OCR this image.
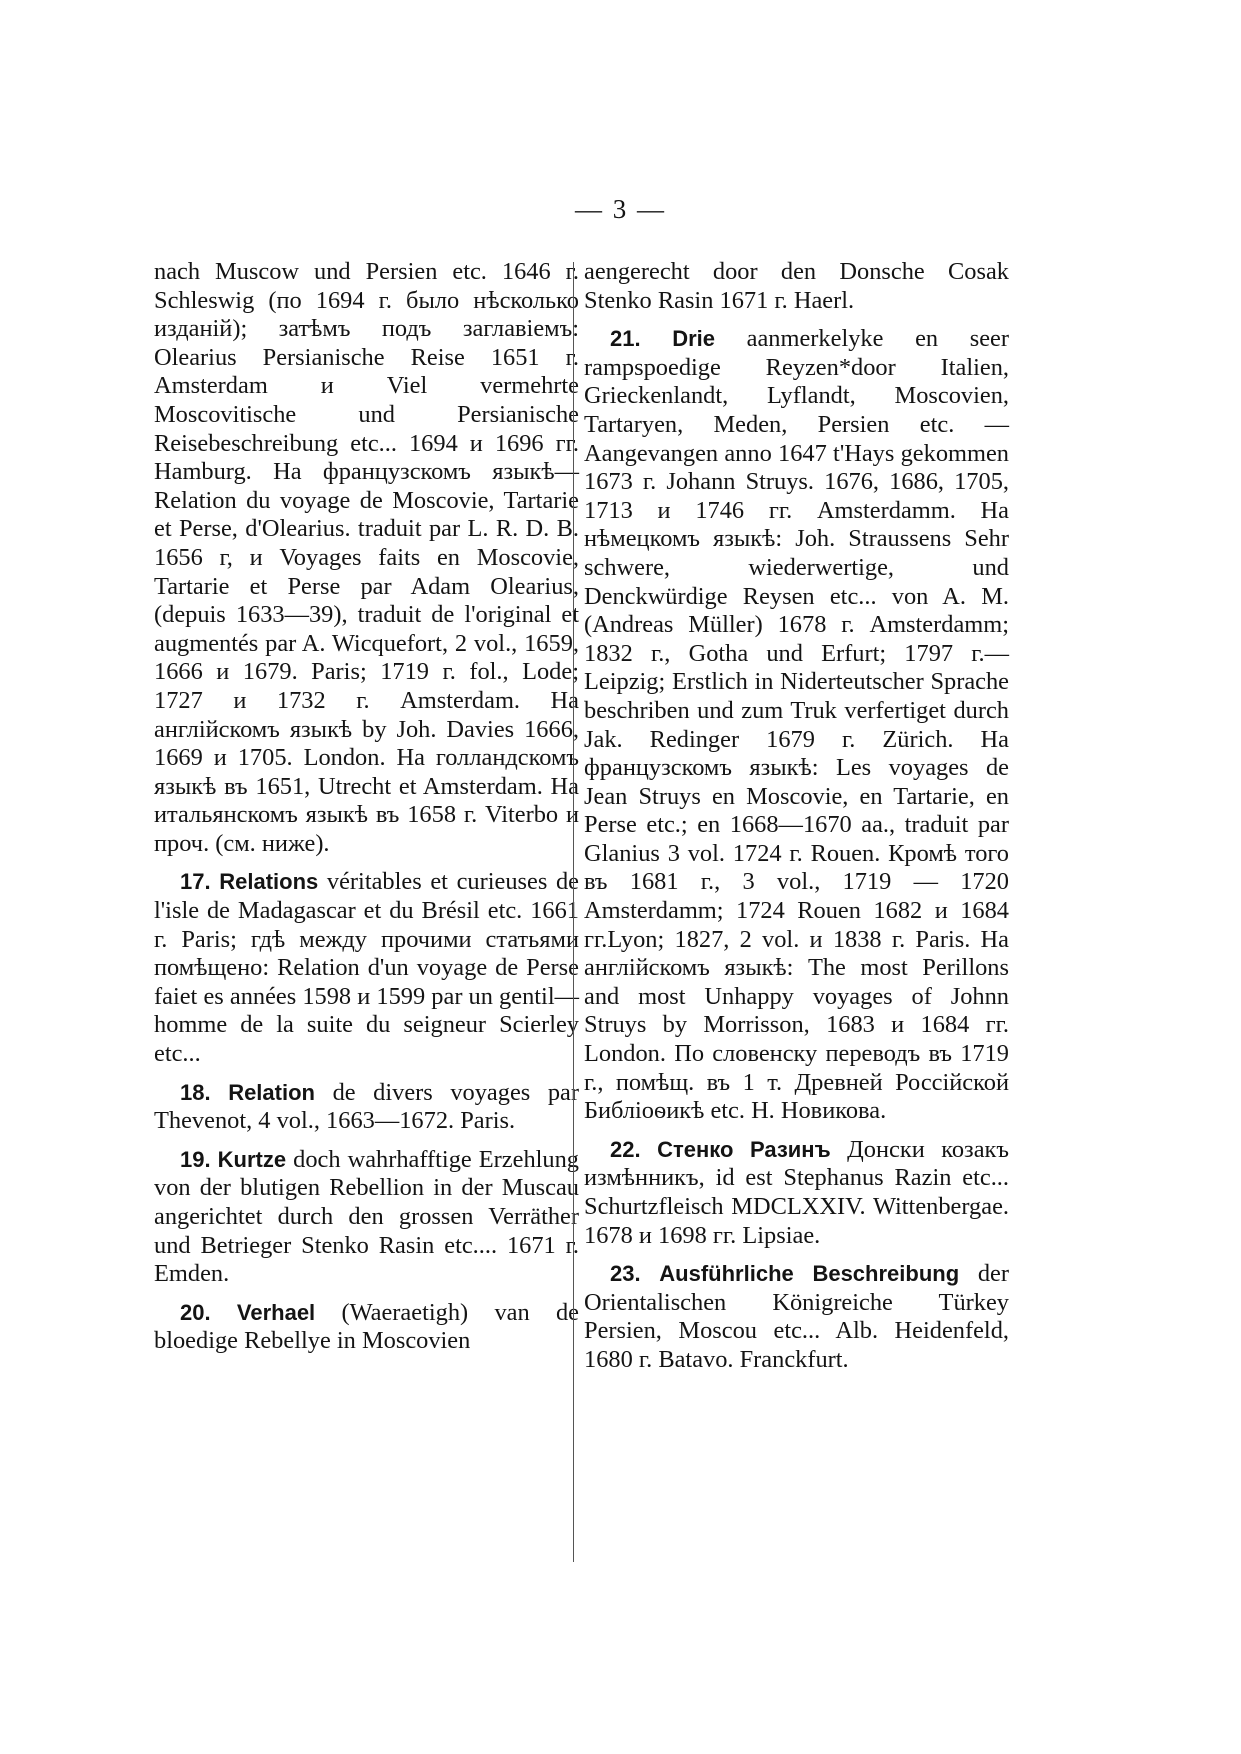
— 3 —

nach Muscow und Persien etc. 1646 г. Schleswig (по 1694 г. было нѣсколько изданій); затѣмъ подъ заглавіемъ: Olearius Persianische Reise 1651 г. Amsterdam и Viel vermehrte Moscovitische und Persianische Reisebeschreibung etc... 1694 и 1696 гг. Hamburg. На французскомъ языкѣ— Relation du voyage de Moscovie, Tartarie et Perse, d'Olearius. traduit par L. R. D. B. 1656 г, и Voyages faits en Moscovie, Tartarie et Perse par Adam Olearius, (depuis 1633—39), traduit de l'original et augmentés par A. Wicquefort, 2 vol., 1659, 1666 и 1679. Paris; 1719 г. fol., Lode; 1727 и 1732 г. Amsterdam. На англійскомъ языкѣ by Joh. Davies 1666, 1669 и 1705. London. На голландскомъ языкѣ въ 1651, Utrecht et Amsterdam. На итальянскомъ языкѣ въ 1658 г. Viterbo и проч. (см. ниже).

17. Relations véritables et curieuses de l'isle de Madagascar et du Brésil etc. 1661 г. Paris; гдѣ между прочими статьями помѣщено: Relation d'un voyage de Perse faiet es années 1598 и 1599 par un gentil—homme de la suite du seigneur Scierley etc...

18. Relation de divers voyages par Thevenot, 4 vol., 1663—1672. Paris.

19. Kurtze doch wahrhafftige Erzehlung von der blutigen Rebellion in der Muscau angerichtet durch den grossen Verräther und Betrieger Stenko Rasin etc.... 1671 г. Emden.

20. Verhael (Waeraetigh) van de bloedige Rebellye in Moscovien

aengerecht door den Donsche Cosak Stenko Rasin 1671 г. Haerl.

21. Drie aanmerkelyke en seer rampspoedige Reyzen*door Italien, Grieckenlandt, Lyflandt, Moscovien, Tartaryen, Meden, Persien etc. — Aangevangen anno 1647 t'Hays gekommen 1673 г. Johann Struys. 1676, 1686, 1705, 1713 и 1746 гг. Amsterdamm. На нѣмецкомъ языкѣ: Joh. Straussens Sehr schwere, wiederwertige, und Denckwürdige Reysen etc... von A. M. (Andreas Müller) 1678 г. Amsterdamm; 1832 г., Gotha und Erfurt; 1797 г.—Leipzig; Erstlich in Niderteutscher Sprache beschriben und zum Truk verfertiget durch Jak. Redinger 1679 г. Zürich. На французскомъ языкѣ: Les voyages de Jean Struys en Moscovie, en Tartarie, en Perse etc.; en 1668—1670 aa., traduit par Glanius 3 vol. 1724 г. Rouen. Кромѣ того въ 1681 г., 3 vol., 1719 — 1720 Amsterdamm; 1724 Rouen 1682 и 1684 гг.Lyon; 1827, 2 vol. и 1838 г. Paris. На англійскомъ языкѣ: The most Perillons and most Unhappy voyages of Johnn Struys by Morrisson, 1683 и 1684 гг. London. По словенску переводъ въ 1719 г., помѣщ. въ 1 т. Древней Россійской Библіоѳикѣ etc. Н. Новикова.

22. Стенко Разинъ Донски козакъ измѣнникъ, id est Stephanus Razin etc... Schurtzfleisch MDCLXXIV. Wittenbergae. 1678 и 1698 гг. Lipsiae.

23. Ausführliche Beschreibung der Orientalischen Königreiche Türkey Persien, Moscou etc... Alb. Heidenfeld, 1680 г. Batavo. Franckfurt.
